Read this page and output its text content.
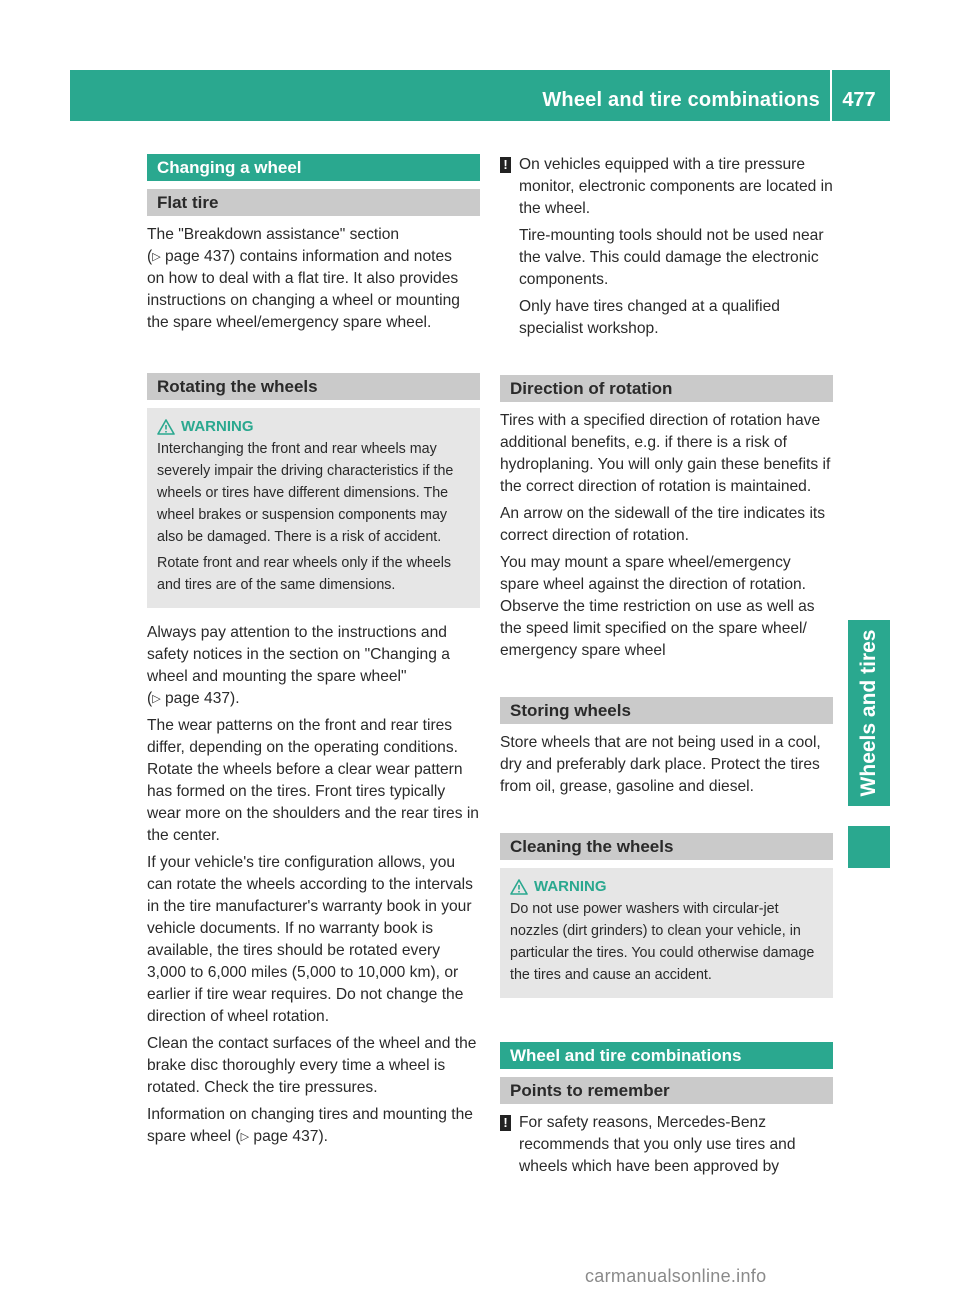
Wheel and tire combinations	477
Wheels and tires
Changing a wheel
Flat tire
The "Breakdown assistance" section
(▷ page 437) contains information and notes
on how to deal with a flat tire. It also provides
instructions on changing a wheel or mounting
the spare wheel/emergency spare wheel.
Rotating the wheels
WARNING
Interchanging the front and rear wheels may severely impair the driving characteristics if the wheels or tires have different dimensions. The wheel brakes or suspension components may also be damaged. There is a risk of accident.
Rotate front and rear wheels only if the wheels and tires are of the same dimensions.
Always pay attention to the instructions and safety notices in the section on "Changing a wheel and mounting the spare wheel"
(▷ page 437).
The wear patterns on the front and rear tires differ, depending on the operating conditions. Rotate the wheels before a clear wear pattern has formed on the tires. Front tires typically wear more on the shoulders and the rear tires in the center.
If your vehicle's tire configuration allows, you can rotate the wheels according to the intervals in the tire manufacturer's warranty book in your vehicle documents. If no warranty book is available, the tires should be rotated every 3,000 to 6,000 miles (5,000 to 10,000 km), or earlier if tire wear requires. Do not change the direction of wheel rotation.
Clean the contact surfaces of the wheel and the brake disc thoroughly every time a wheel is rotated. Check the tire pressures.
Information on changing tires and mounting the spare wheel (▷ page 437).
! On vehicles equipped with a tire pressure monitor, electronic components are located in the wheel.
Tire-mounting tools should not be used near the valve. This could damage the electronic components.
Only have tires changed at a qualified specialist workshop.
Direction of rotation
Tires with a specified direction of rotation have additional benefits, e.g. if there is a risk of hydroplaning. You will only gain these benefits if the correct direction of rotation is maintained.
An arrow on the sidewall of the tire indicates its correct direction of rotation.
You may mount a spare wheel/emergency spare wheel against the direction of rotation. Observe the time restriction on use as well as the speed limit specified on the spare wheel/ emergency spare wheel
Storing wheels
Store wheels that are not being used in a cool, dry and preferably dark place. Protect the tires from oil, grease, gasoline and diesel.
Cleaning the wheels
WARNING
Do not use power washers with circular-jet nozzles (dirt grinders) to clean your vehicle, in particular the tires. You could otherwise damage the tires and cause an accident.
Wheel and tire combinations
Points to remember
! For safety reasons, Mercedes-Benz recommends that you only use tires and wheels which have been approved by
carmanualsonline.info
